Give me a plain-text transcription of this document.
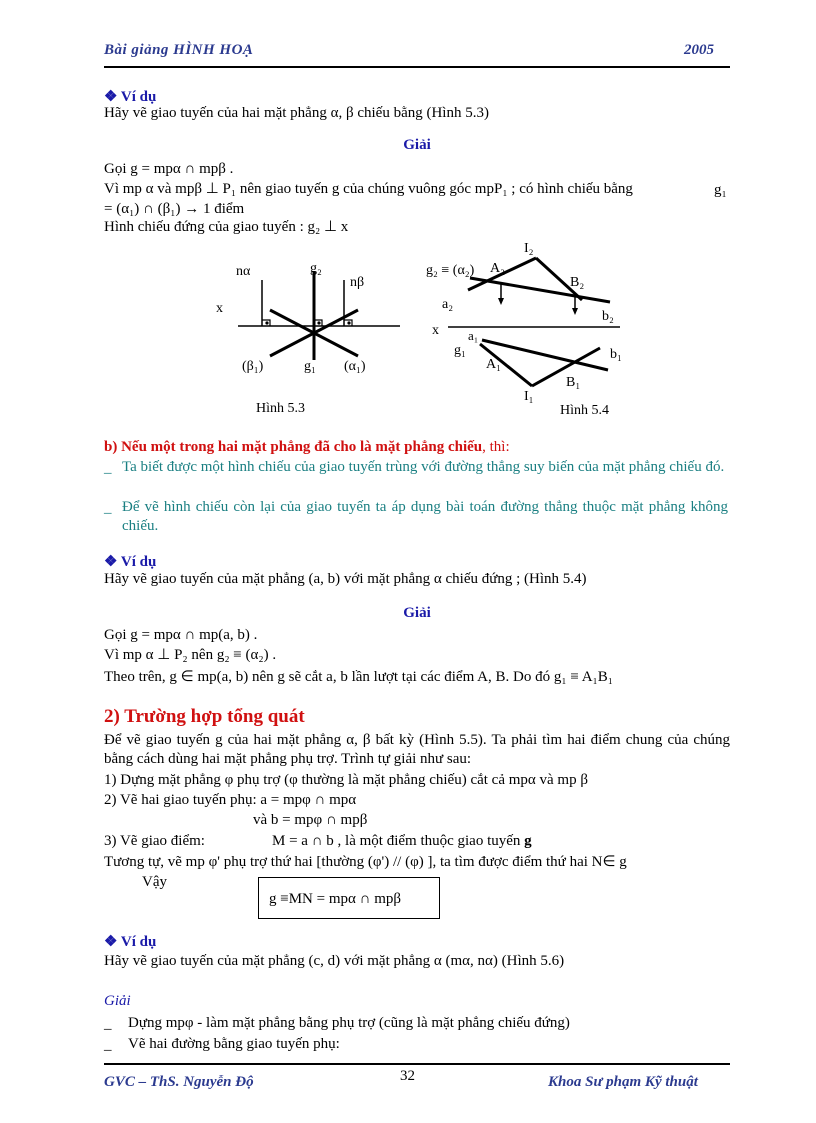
Bài giảng HÌNH HOẠ	2005
❖ Ví dụ
Hãy vẽ giao tuyến của hai mặt phẳng α, β chiếu bằng (Hình 5.3)
Giải
Gọi g = mpα ∩ mpβ .
Vì mp α và mpβ ⊥ P₁ nên giao tuyến g của chúng vuông góc mpP₁ ; có hình chiếu bằng	g₁
= (α₁) ∩ (β₁) → 1 điểm
Hình chiếu đứng của giao tuyến : g₂ ⊥ x
nα	g₂
nβ
x
(β₁)	g₁ (α₁)
Hình 5.3
g₂ ≡ (α₂) A₂
I₂
B₂
a₂
b₂
x a₁
g₁
A₁
b₁
B₁
I₁
Hình 5.4
b) Nếu một trong hai mặt phẳng đã cho là mặt phẳng chiếu, thì:
_ Ta biết được một hình chiếu của giao tuyến trùng với đường thẳng suy biến của mặt phẳng chiếu đó.
_ Để vẽ hình chiếu còn lại của giao tuyến ta áp dụng bài toán đường thẳng thuộc mặt phẳng không chiếu.
❖ Ví dụ
Hãy vẽ giao tuyến của mặt phẳng (a, b) với mặt phẳng α chiếu đứng ; (Hình 5.4)
Giải
Gọi g = mpα ∩ mp(a, b) .
Vì mp α ⊥ P₂ nên g₂ ≡ (α₂) .
Theo trên, g ∈ mp(a, b) nên g sẽ cắt a, b lần lượt tại các điểm A, B. Do đó g₁ ≡ A₁B₁
2) Trường hợp tổng quát
Để vẽ giao tuyến g của hai mặt phẳng α, β bất kỳ (Hình 5.5). Ta phải tìm hai điểm chung của chúng bằng cách dùng hai mặt phẳng phụ trợ. Trình tự giải như sau:
1) Dựng mặt phẳng φ phụ trợ (φ thường là mặt phẳng chiếu) cắt cả mpα và mp β
2) Vẽ hai giao tuyến phụ: a = mpφ ∩ mpα
và b = mpφ ∩ mpβ
3) Vẽ giao điểm:	M = a ∩ b , là một điểm thuộc giao tuyến g
Tương tự, vẽ mp φ' phụ trợ thứ hai [thường (φ') // (φ) ], ta tìm được điểm thứ hai N∈ g
Vậy
g ≡MN = mpα ∩ mpβ
❖ Ví dụ
Hãy vẽ giao tuyến của mặt phẳng (c, d) với mặt phẳng α (mα, nα) (Hình 5.6)
Giải
_ Dựng mpφ - làm mặt phẳng bằng phụ trợ (cũng là mặt phẳng chiếu đứng)
_ Vẽ hai đường bằng giao tuyến phụ:
GVC – ThS. Nguyễn Độ	32	Khoa Sư phạm Kỹ thuật
